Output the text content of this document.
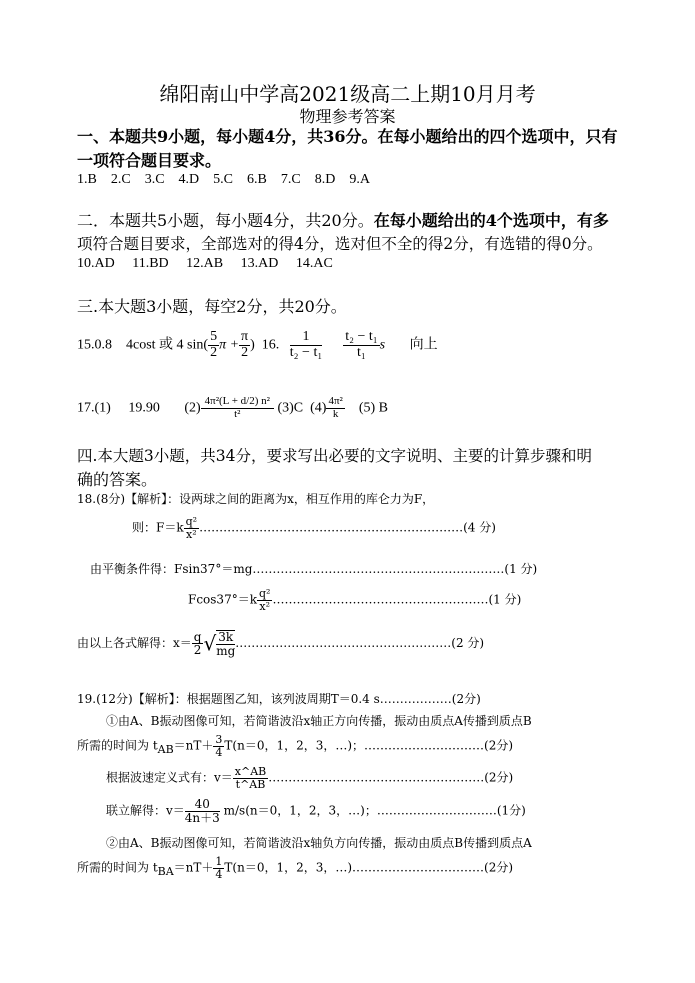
绵阳南山中学高2021级高二上期10月月考
物理参考答案
一、本题共9小题，每小题4分，共36分。在每小题给出的四个选项中，只有
一项符合题目要求。
1.B 2.C 3.C 4.D 5.C 6.B 7.C 8.D 9.A
二．本题共5小题，每小题4分，共20分。在每小题给出的4个选项中，有多
项符合题目要求，全部选对的得4分，选对但不全的得2分，有选错的得0分。
10.AD 11.BD 12.AB 13.AD 14.AC
三.本大题3小题，每空2分，共20分。
15.0.8 4cost 或 4 $\sin( \frac{5}{2}$ $\pi + \frac{\pi}{2}$ ) 16. $\frac{1}{\text{t₂ − t₁}}$
$\frac{\text{t₂ − t₁}}{\text{t₁}}$ s 向上
17.(1) 19.90 $(2) \frac{\text{4π²(L + d/2) n²}}{\text{t²}} (3)C$ $(4) \frac{\text{4π²}}{k} (5)$ B
四.本大题3小题，共34分，要求写出必要的文字说明、主要的计算步骤和明
确的答案。
18.(8分)【解析】：设两球之间的距离为x，相互作用的库仑力为F，
则：$F=k \frac{\text{q²}}{\text{x²}}$ …………………………………………………………(4 分)
由平衡条件得：Fsin37°＝mg………………………………………………………(1 分)
$Fcos37^\circ=k \frac{\text{q²}}{\text{x²}}$ ………………………………………………(1 分)
由以上各式解得：$x= \frac{q}{2}$ √ $\frac{3k}{mg}$ ………………………………………………(2 分)
19.(12分)【解析】：根据题图乙知，该列波周期T＝0.4 s………………(2分)
①由A、B振动图像可知，若简谐波沿x轴正方向传播，振动由质点A传播到质点B
所需的时间为 $t_{AB}=nT+ \frac{3}{4} T(n=0$，1，2，3，…)；…………………………(2分)
根据波速定义式有：$v= \frac{x\^{}AB}{t\^{}AB}$ ………………………………………………(2分)
联立解得：$v= \frac{40}{4n+3} m/s(n=0$，1，2，3，…)；…………………………(1分)
②由A、B振动图像可知，若简谐波沿x轴负方向传播，振动由质点B传播到质点A
所需的时间为 $t_{BA}=nT+ \frac{1}{4} T(n=0$，1，2，3，…)……………………………(2分)
